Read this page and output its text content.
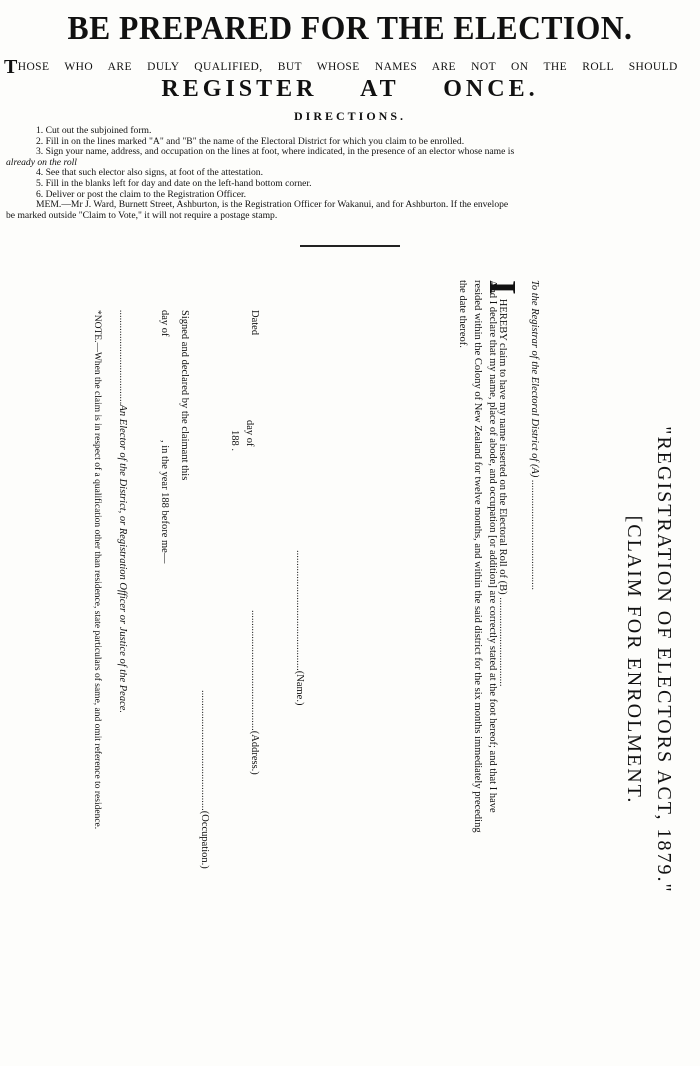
BE PREPARED FOR THE ELECTION.
THOSE WHO ARE DULY QUALIFIED, BUT WHOSE NAMES ARE NOT ON THE ROLL SHOULD
REGISTER AT ONCE.
DIRECTIONS.
1. Cut out the subjoined form.
2. Fill in on the lines marked "A" and "B" the name of the Electoral District for which you claim to be enrolled.
3. Sign your name, address, and occupation on the lines at foot, where indicated, in the presence of an elector whose name is
already on the roll
4. See that such elector also signs, at foot of the attestation.
5. Fill in the blanks left for day and date on the left-hand bottom corner.
6. Deliver or post the claim to the Registration Officer.
MEM.—Mr J. Ward, Burnett Street, Ashburton, is the Registration Officer for Wakanui, and for Ashburton. If the envelope
be marked outside "Claim to Vote," it will not require a postage stamp.
"REGISTRATION OF ELECTORS ACT, 1879."
[CLAIM FOR ENROLMENT.
To the Registrar of the Electoral District of (A) ..........................................
IHEREBY claim to have my name inserted on the Electoral Roll of (B) ..................................
And I declare that my name, place of abode, and occupation [or addition] are correctly stated at the foot hereof; and that I have
resided within the Colony of New Zealand for twelve months, and within the said district for the six months immediately preceding
the date thereof.
..............................................(Name.)
..............................................(Address.)
..............................................(Occupation.)
Dated
day of
188 .
Signed and declared by the claimant this
day of
, in the year 188 before me—
....................................An Elector of the District, or Registration Officer or Justice of the Peace.
*NOTE.—When the claim is in respect of a qualification other than residence, state particulars of same, and omit reference to residence.
